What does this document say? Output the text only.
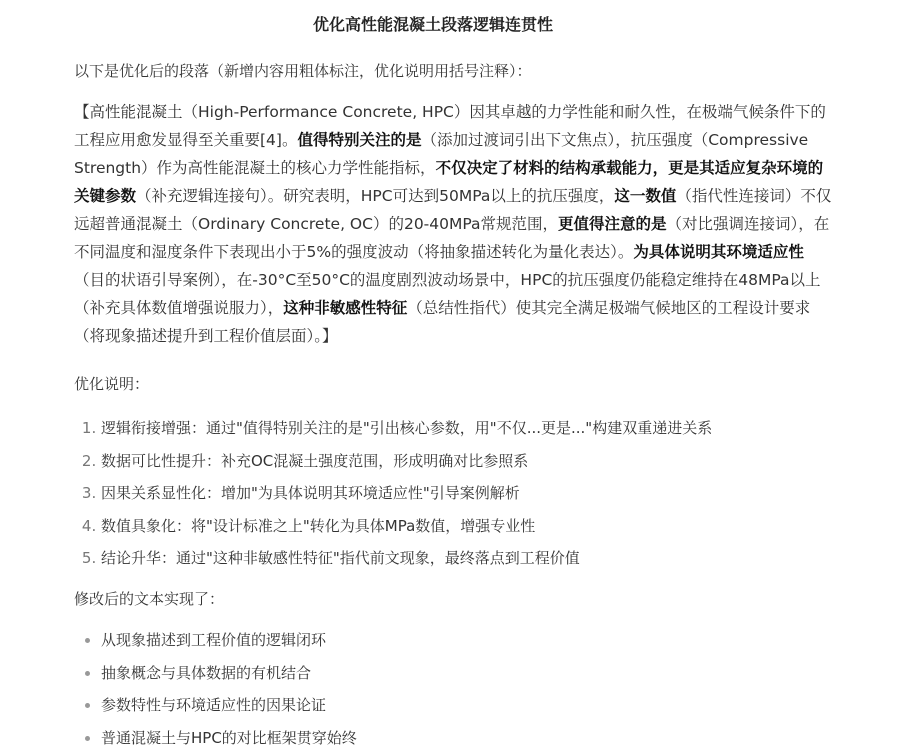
优化高性能混凝土段落逻辑连贯性
以下是优化后的段落（新增内容用粗体标注，优化说明用括号注释）：
【高性能混凝土（High-Performance Concrete, HPC）因其卓越的力学性能和耐久性，在极端气候条件下的工程应用愈发显得至关重要[4]。值得特别关注的是（添加过渡词引出下文焦点），抗压强度（Compressive Strength）作为高性能混凝土的核心力学性能指标，不仅决定了材料的结构承载能力，更是其适应复杂环境的关键参数（补充逻辑连接句）。研究表明，HPC可达到50MPa以上的抗压强度，这一数值（指代性连接词）不仅远超普通混凝土（Ordinary Concrete, OC）的20-40MPa常规范围，更值得注意的是（对比强调连接词），在不同温度和湿度条件下表现出小于5%的强度波动（将抽象描述转化为量化表达）。为具体说明其环境适应性（目的状语引导案例），在-30°C至50°C的温度剧烈波动场景中，HPC的抗压强度仍能稳定维持在48MPa以上（补充具体数值增强说服力），这种非敏感性特征（总结性指代）使其完全满足极端气候地区的工程设计要求（将现象描述提升到工程价值层面）。】
优化说明：
1. 逻辑衔接增强：通过"值得特别关注的是"引出核心参数，用"不仅...更是..."构建双重递进关系
2. 数据可比性提升：补充OC混凝土强度范围，形成明确对比参照系
3. 因果关系显性化：增加"为具体说明其环境适应性"引导案例解析
4. 数值具象化：将"设计标准之上"转化为具体MPa数值，增强专业性
5. 结论升华：通过"这种非敏感性特征"指代前文现象，最终落点到工程价值
修改后的文本实现了：
• 从现象描述到工程价值的逻辑闭环
• 抽象概念与具体数据的有机结合
• 参数特性与环境适应性的因果论证
• 普通混凝土与HPC的对比框架贯穿始终
